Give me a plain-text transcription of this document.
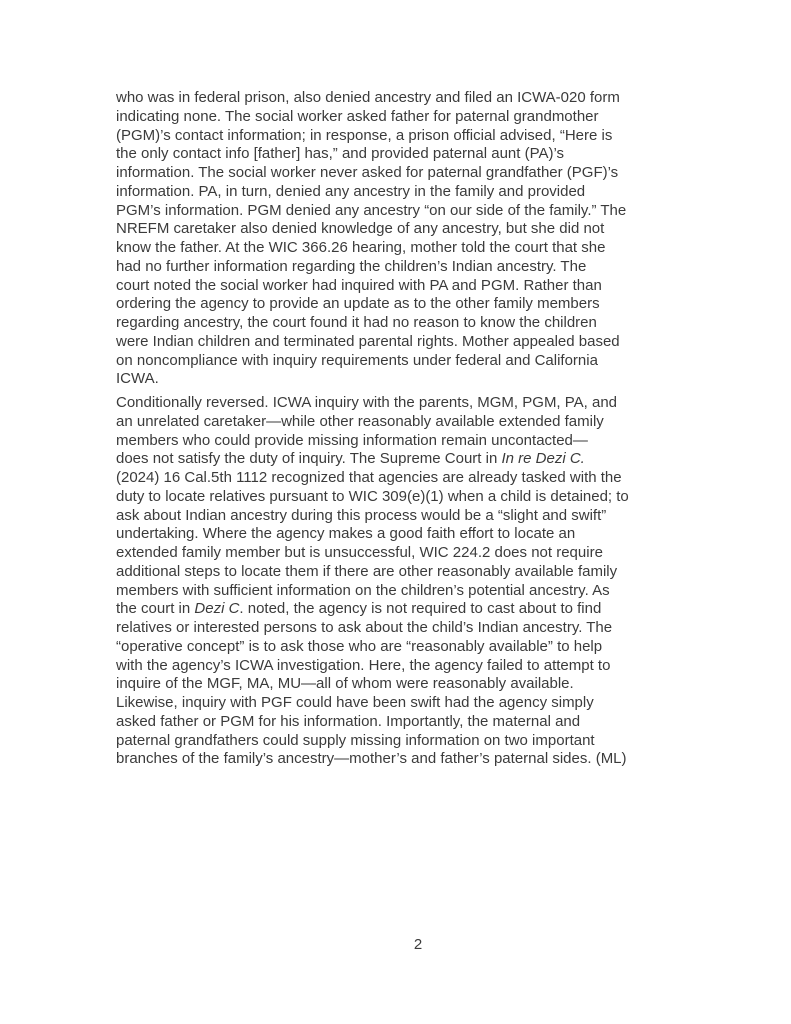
who was in federal prison, also denied ancestry and filed an ICWA-020 form
indicating none. The social worker asked father for paternal grandmother
(PGM)’s contact information; in response, a prison official advised, “Here is
the only contact info [father] has,” and provided paternal aunt (PA)’s
information. The social worker never asked for paternal grandfather (PGF)’s
information. PA, in turn, denied any ancestry in the family and provided
PGM’s information. PGM denied any ancestry “on our side of the family.” The
NREFM caretaker also denied knowledge of any ancestry, but she did not
know the father. At the WIC 366.26 hearing, mother told the court that she
had no further information regarding the children’s Indian ancestry. The
court noted the social worker had inquired with PA and PGM. Rather than
ordering the agency to provide an update as to the other family members
regarding ancestry, the court found it had no reason to know the children
were Indian children and terminated parental rights. Mother appealed based
on noncompliance with inquiry requirements under federal and California
ICWA.
Conditionally reversed. ICWA inquiry with the parents, MGM, PGM, PA, and
an unrelated caretaker—while other reasonably available extended family
members who could provide missing information remain uncontacted—
does not satisfy the duty of inquiry. The Supreme Court in In re Dezi C.
(2024) 16 Cal.5th 1112 recognized that agencies are already tasked with the
duty to locate relatives pursuant to WIC 309(e)(1) when a child is detained; to
ask about Indian ancestry during this process would be a “slight and swift”
undertaking. Where the agency makes a good faith effort to locate an
extended family member but is unsuccessful, WIC 224.2 does not require
additional steps to locate them if there are other reasonably available family
members with sufficient information on the children’s potential ancestry. As
the court in Dezi C. noted, the agency is not required to cast about to find
relatives or interested persons to ask about the child’s Indian ancestry. The
“operative concept” is to ask those who are “reasonably available” to help
with the agency’s ICWA investigation. Here, the agency failed to attempt to
inquire of the MGF, MA, MU—all of whom were reasonably available.
Likewise, inquiry with PGF could have been swift had the agency simply
asked father or PGM for his information. Importantly, the maternal and
paternal grandfathers could supply missing information on two important
branches of the family’s ancestry—mother’s and father’s paternal sides. (ML)
2
